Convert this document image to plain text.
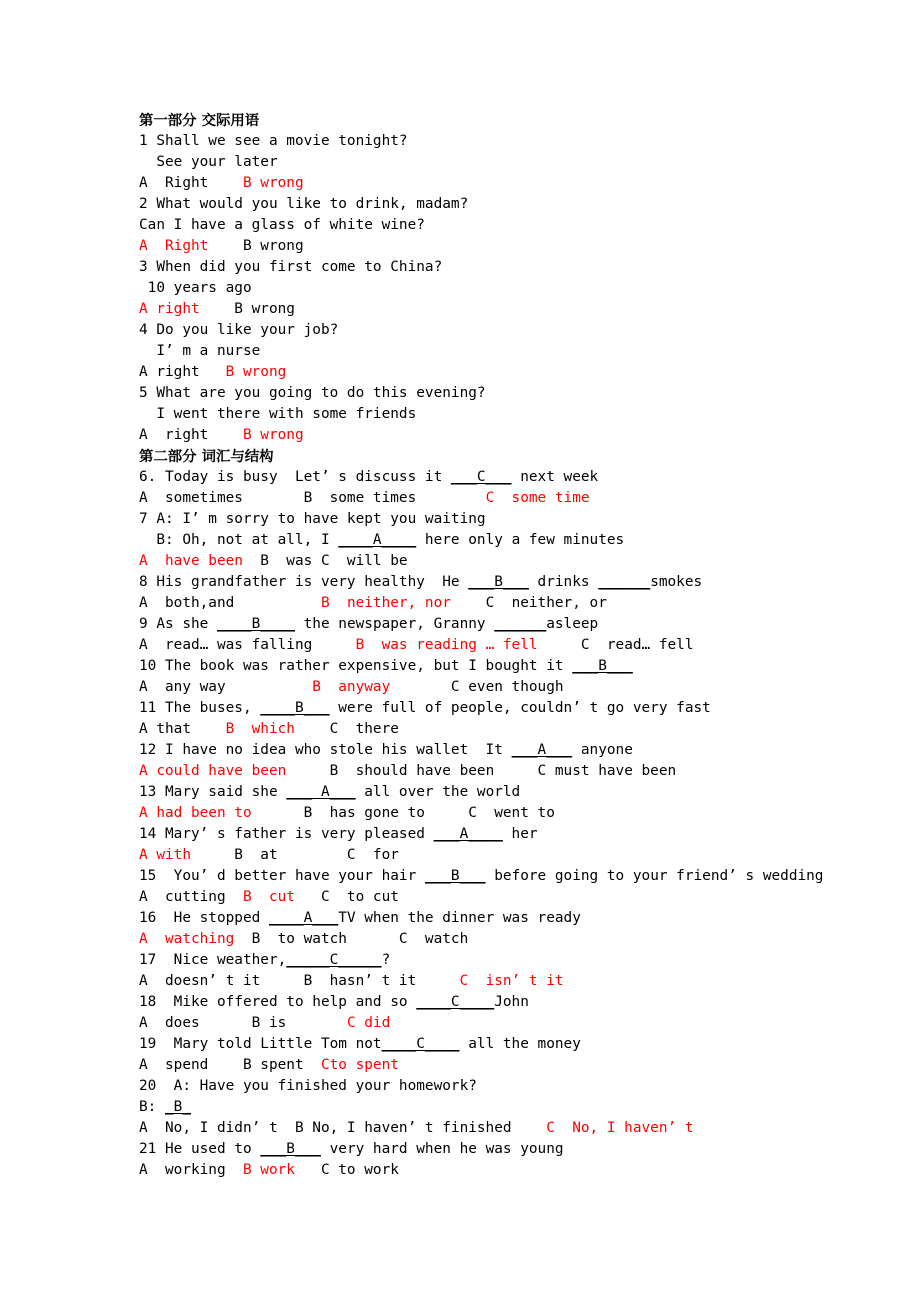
第一部分 交际用语
1 Shall we see a movie tonight?
See your later
A  Right    B wrong
2 What would you like to drink, madam?
Can I have a glass of white wine?
A  Right    B wrong
3 When did you first come to China?
10 years ago
A right    B wrong
4 Do you like your job?
I’ m a nurse
A right   B wrong
5 What are you going to do this evening?
I went there with some friends
A  right    B wrong
第二部分 词汇与结构
6. Today is busy  Let’ s discuss it ___C___ next week
A  sometimes       B  some times        C  some time
7 A: I’ m sorry to have kept you waiting
B: Oh, not at all, I ____A____ here only a few minutes
A  have been  B  was C  will be
8 His grandfather is very healthy  He ___B___ drinks ______smokes
A  both,and          B  neither, nor    C  neither, or
9 As she ____B____ the newspaper, Granny ______asleep
A  read… was falling     B  was reading … fell     C  read… fell
10 The book was rather expensive, but I bought it ___B___
A  any way          B  anyway       C even though
11 The buses, ____B___ were full of people, couldn’ t go very fast
A that    B  which    C  there
12 I have no idea who stole his wallet  It ___A___ anyone
A could have been     B  should have been     C must have been
13 Mary said she ___ A___ all over the world
A had been to      B  has gone to     C  went to
14 Mary’ s father is very pleased ___A____ her
A with     B  at        C  for
15  You’ d better have your hair ___B___ before going to your friend’ s wedding
A  cutting  B  cut   C  to cut
16  He stopped ____A___TV when the dinner was ready
A  watching  B  to watch      C  watch
17  Nice weather,_____C_____?
A  doesn’ t it     B  hasn’ t it     C  isn’ t it
18  Mike offered to help and so ____C____John
A  does      B is       C did
19  Mary told Little Tom not____C____ all the money
A  spend    B spent  Cto spent
20  A: Have you finished your homework?
B: _B_
A  No, I didn’ t  B No, I haven’ t finished    C  No, I haven’ t
21 He used to ___B___ very hard when he was young
A  working  B work   C to work
